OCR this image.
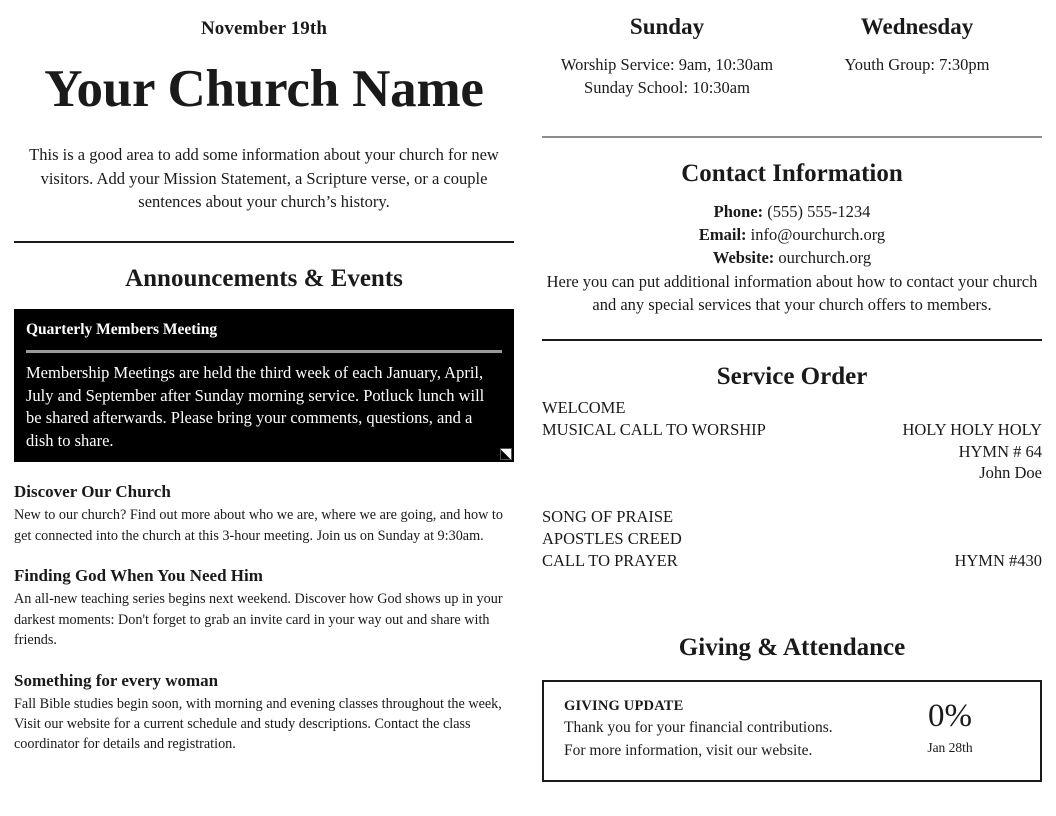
November 19th
Your Church Name
This is a good area to add some information about your church for new visitors. Add your Mission Statement, a Scripture verse, or a couple sentences about your church’s history.
Announcements & Events
Quarterly Members Meeting
Membership Meetings are held the third week of each January, April, July and September after Sunday morning service. Potluck lunch will be shared afterwards. Please bring your comments, questions, and a dish to share.
Discover Our Church
New to our church? Find out more about who we are, where we are going, and how to get connected into the church at this 3-hour meeting. Join us on Sunday at 9:30am.
Finding God When You Need Him
An all-new teaching series begins next weekend. Discover how God shows up in your darkest moments: Don't forget to grab an invite card in your way out and share with friends.
Something for every woman
Fall Bible studies begin soon, with morning and evening classes throughout the week, Visit our website for a current schedule and study descriptions. Contact the class coordinator for details and registration.
Sunday
Worship Service: 9am, 10:30am
Sunday School: 10:30am
Wednesday
Youth Group: 7:30pm
Contact Information
Phone: (555) 555-1234
Email: info@ourchurch.org
Website: ourchurch.org
Here you can put additional information about how to contact your church and any special services that your church offers to members.
Service Order
WELCOME
MUSICAL CALL TO WORSHIP	HOLY HOLY HOLY
HYMN # 64
John Doe
SONG OF PRAISE
APOSTLES CREED
CALL TO PRAYER	HYMN #430
Giving & Attendance
GIVING UPDATE
Thank you for your financial contributions.
For more information, visit our website.
0%
Jan 28th
